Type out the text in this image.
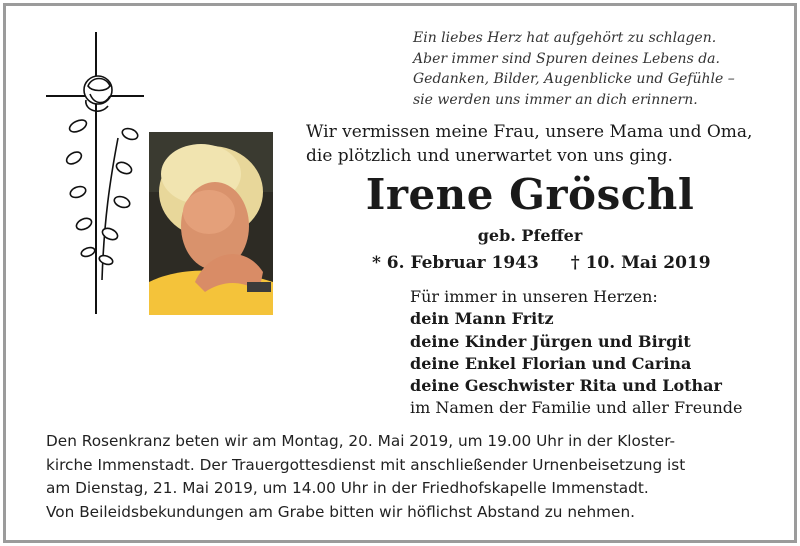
Ein liebes Herz hat aufgehört zu schlagen.
Aber immer sind Spuren deines Lebens da.
Gedanken, Bilder, Augenblicke und Gefühle –
sie werden uns immer an dich erinnern.
Wir vermissen meine Frau, unsere Mama und Oma,
die plötzlich und unerwartet von uns ging.
Irene Gröschl
geb. Pfeffer
* 6. Februar 1943 † 10. Mai 2019
Für immer in unseren Herzen:
dein Mann Fritz
deine Kinder Jürgen und Birgit
deine Enkel Florian und Carina
deine Geschwister Rita und Lothar
im Namen der Familie und aller Freunde
Den Rosenkranz beten wir am Montag, 20. Mai 2019, um 19.00 Uhr in der Kloster-
kirche Immenstadt. Der Trauergottesdienst mit anschließender Urnenbeisetzung ist
am Dienstag, 21. Mai 2019, um 14.00 Uhr in der Friedhofskapelle Immenstadt.
Von Beileidsbekundungen am Grabe bitten wir höflichst Abstand zu nehmen.
